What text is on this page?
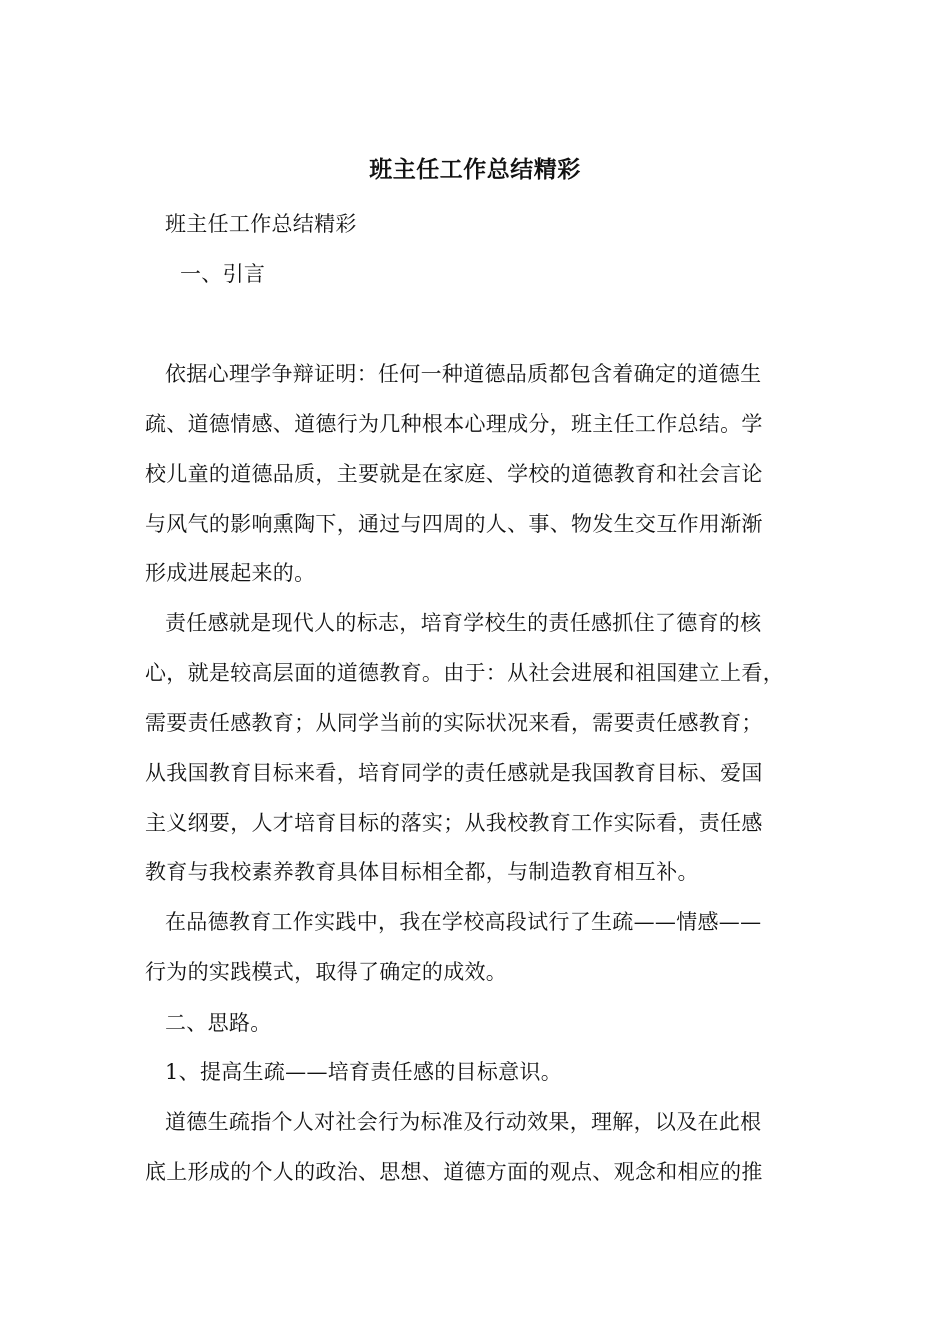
班主任工作总结精彩
班主任工作总结精彩
一、引言
依据心理学争辩证明：任何一种道德品质都包含着确定的道德生
疏、道德情感、道德行为几种根本心理成分，班主任工作总结。学
校儿童的道德品质，主要就是在家庭、学校的道德教育和社会言论
与风气的影响熏陶下，通过与四周的人、事、物发生交互作用渐渐
形成进展起来的。
责任感就是现代人的标志，培育学校生的责任感抓住了德育的核
心，就是较高层面的道德教育。由于：从社会进展和祖国建立上看，
需要责任感教育；从同学当前的实际状况来看，需要责任感教育；
从我国教育目标来看，培育同学的责任感就是我国教育目标、爱国
主义纲要，人才培育目标的落实；从我校教育工作实际看，责任感
教育与我校素养教育具体目标相全都，与制造教育相互补。
在品德教育工作实践中，我在学校高段试行了生疏——情感——
行为的实践模式，取得了确定的成效。
二、思路。
1、提高生疏——培育责任感的目标意识。
道德生疏指个人对社会行为标准及行动效果，理解，以及在此根
底上形成的个人的政治、思想、道德方面的观点、观念和相应的推
